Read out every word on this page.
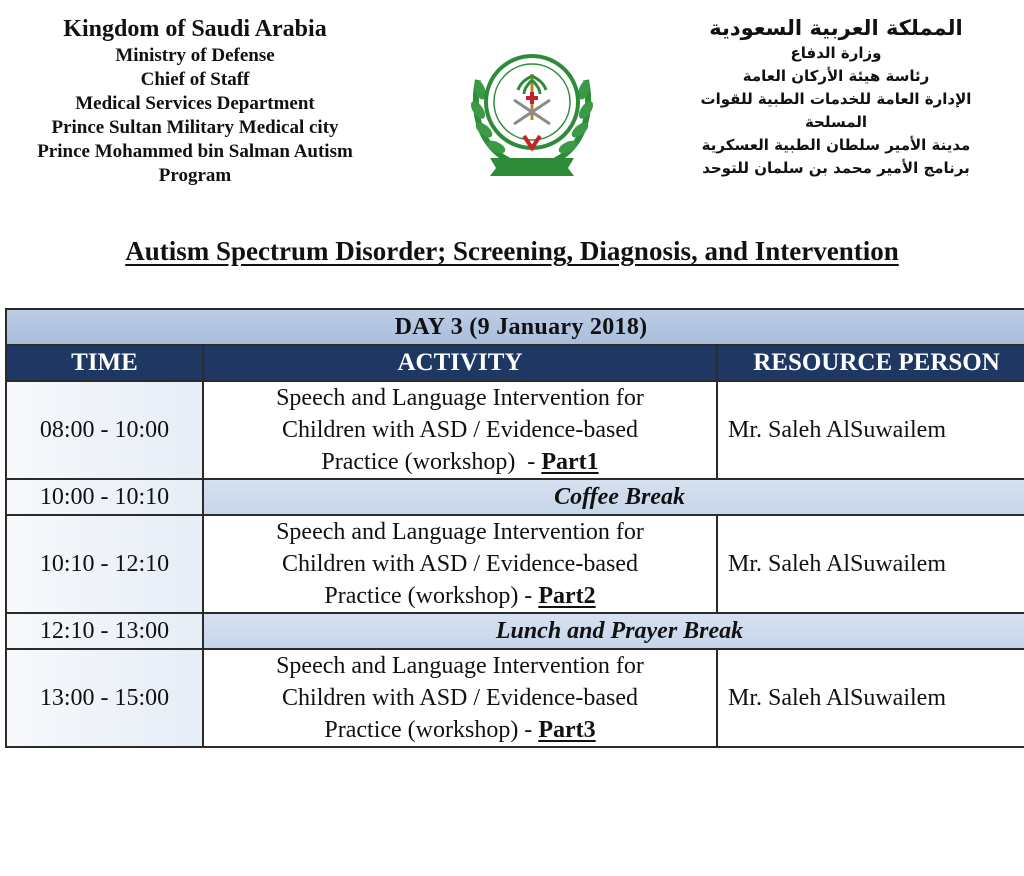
Kingdom of Saudi Arabia
Ministry of Defense
Chief of Staff
Medical Services Department
Prince Sultan Military Medical city
Prince Mohammed bin Salman Autism
Program
المملكة العربية السعودية
وزارة الدفاع
رئاسة هيئة الأركان العامة
الإدارة العامة للخدمات الطبية للقوات المسلحة
مدينة الأمير سلطان الطبية العسكرية
برنامج الأمير محمد بن سلمان للتوحد
Autism Spectrum Disorder; Screening, Diagnosis, and Intervention
DAY 3 (9 January 2018)		
TIME	ACTIVITY	RESOURCE PERSON
08:00 - 10:00	Speech and Language Intervention for
Children with ASD / Evidence-based
Practice (workshop)  - Part1	Mr. Saleh AlSuwailem
10:00 - 10:10	Coffee Break	
10:10 - 12:10	Speech and Language Intervention for
Children with ASD / Evidence-based
Practice (workshop) - Part2	Mr. Saleh AlSuwailem
12:10 - 13:00	Lunch and Prayer Break	
13:00 - 15:00	Speech and Language Intervention for
Children with ASD / Evidence-based
Practice (workshop) - Part3	Mr. Saleh AlSuwailem
